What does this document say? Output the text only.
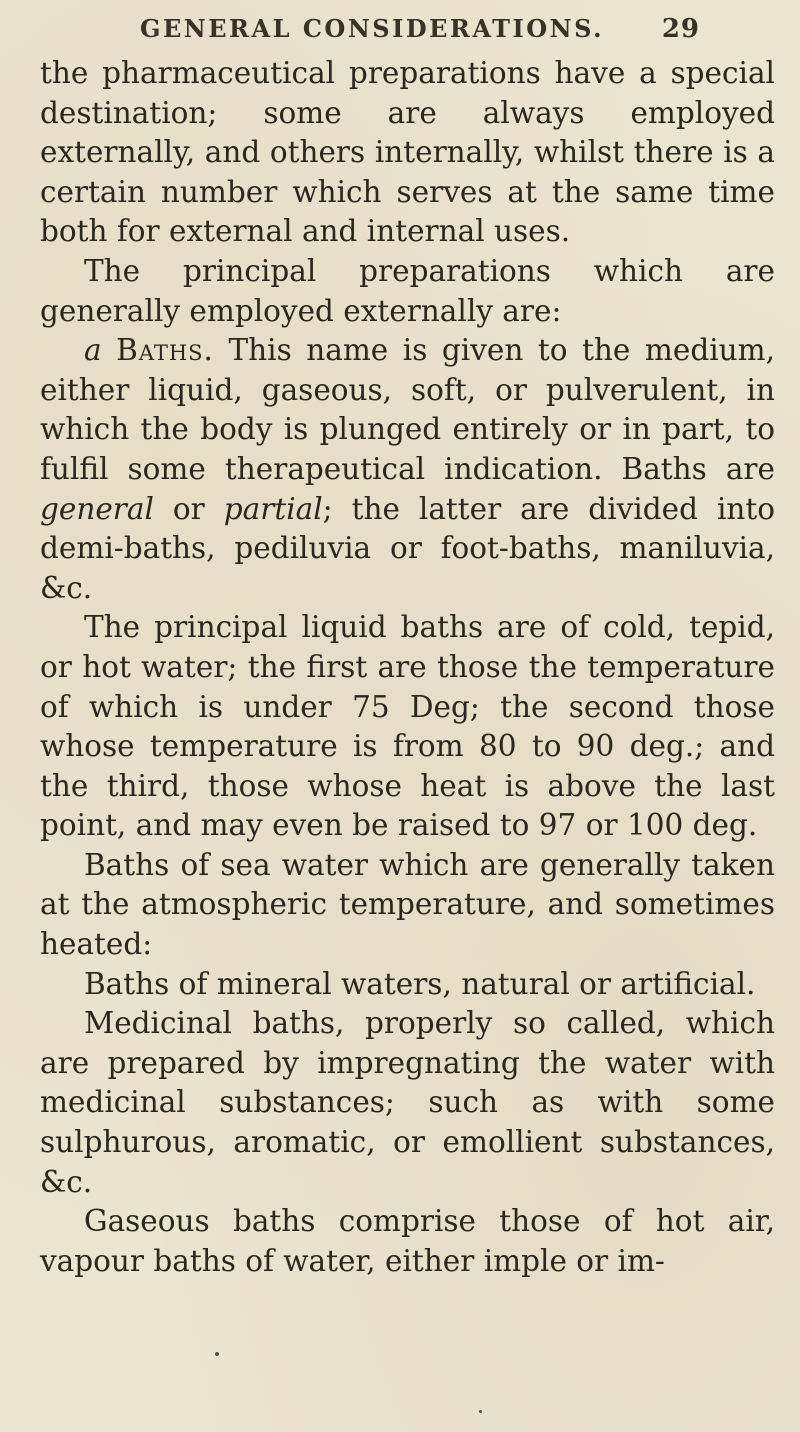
GENERAL CONSIDERATIONS.	29

the pharmaceutical preparations have a special destination; some are always employed externally, and others internally, whilst there is a certain number which serves at the same time both for external and internal uses.

The principal preparations which are generally employed externally are:

a Baths. This name is given to the medium, either liquid, gaseous, soft, or pulverulent, in which the body is plunged entirely or in part, to fulfil some therapeutical indication. Baths are general or partial; the latter are divided into demi-baths, pediluvia or foot-baths, maniluvia, &c.

The principal liquid baths are of cold, tepid, or hot water; the first are those the temperature of which is under 75 Deg; the second those whose temperature is from 80 to 90 deg.; and the third, those whose heat is above the last point, and may even be raised to 97 or 100 deg.

Baths of sea water which are generally taken at the atmospheric temperature, and sometimes heated:

Baths of mineral waters, natural or artificial.

Medicinal baths, properly so called, which are prepared by impregnating the water with medicinal substances; such as with some sulphurous, aromatic, or emollient substances, &c.

Gaseous baths comprise those of hot air, vapour baths of water, either imple or im-
